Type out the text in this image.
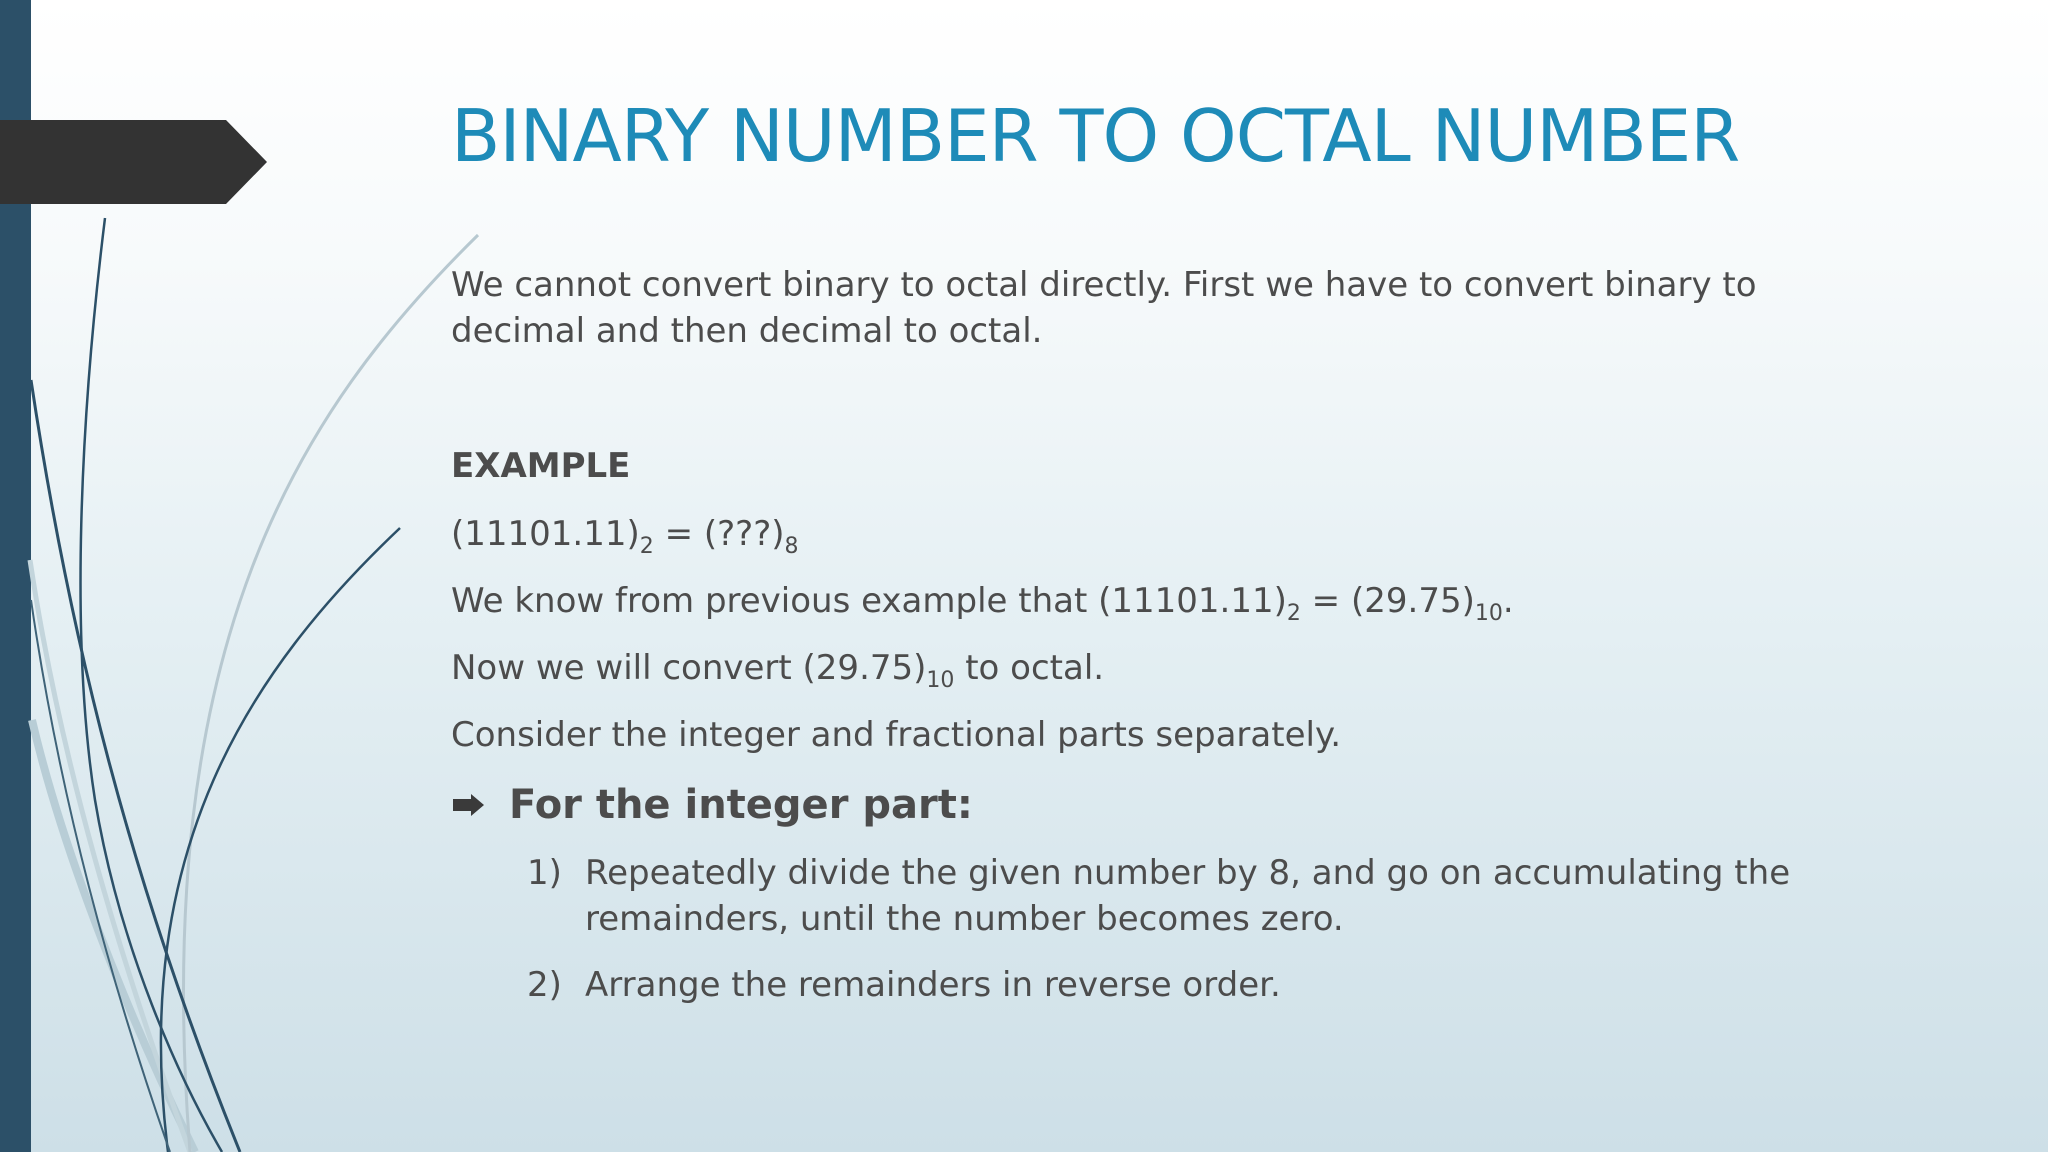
BINARY NUMBER TO OCTAL NUMBER

We cannot convert binary to octal directly. First we have to convert binary to decimal and then decimal to octal.

EXAMPLE

$(11101.11)_2$ = $(???)_8$

We know from previous example that $(11101.11)_2 = (29.75)_{10}$.

Now we will convert $(29.75)_{10}$ to octal.

Consider the integer and fractional parts separately.

For the integer part:
1) Repeatedly divide the given number by 8, and go on accumulating the remainders, until the number becomes zero.
2) Arrange the remainders in reverse order.
